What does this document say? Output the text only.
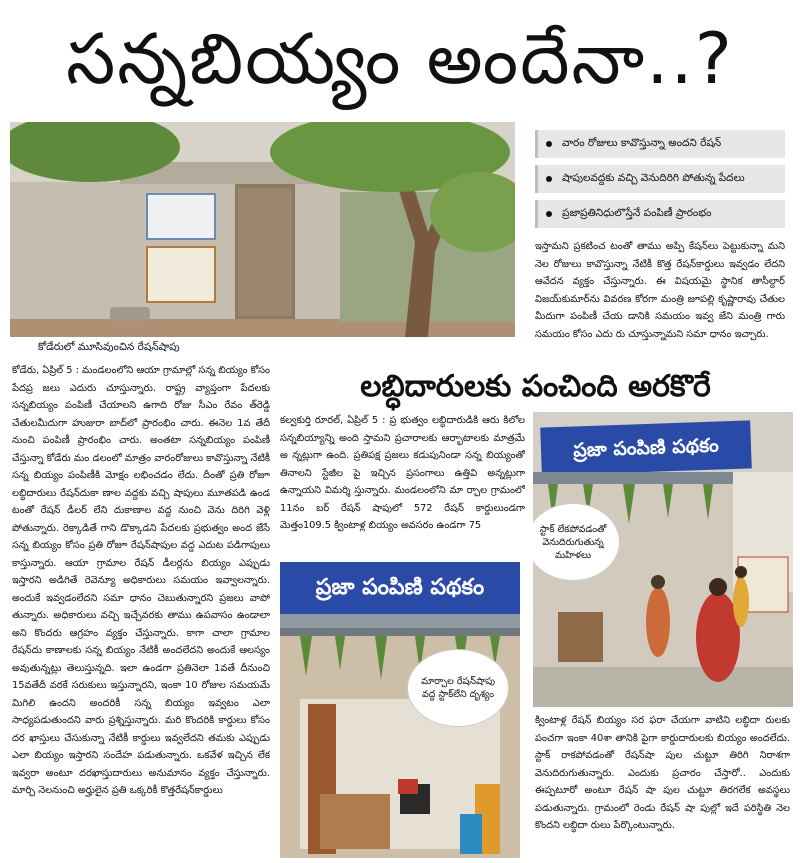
సన్నబియ్యం అందేనా..?
కోడేరులో మూసివుంచిన రేషన్‌షాపు
వారం రోజులు కావొస్తున్నా అందని రేషన్
షాపులవద్దకు వచ్చి వెనుదిరిగి పోతున్న పేదలు
ప్రజాప్రతినిధులొస్తేనే పంపిణీ ప్రారంభం
ఇస్తామని ప్రకటించ టంతో తాము అప్పి కేషన్‌లు పెట్టుకున్నా మని నెల రోజులు కావొస్తున్నా నేటికీ కొత్త రేషన్‌కార్డులు ఇవ్వడం లేదని ఆవేదన వ్యక్తం చేస్తున్నారు. ఈ విషయమై స్థానిక తాసీల్దార్ విజయ్‌కుమార్‌ను వివరణ కోరగా మంత్రి జూపల్లి కృష్ణారావు చేతుల మీదుగా పంపిణీ చేయ డానికి సమయం ఇవ్వ జేని మంత్రి గారు సమయం కోసం ఎదు రు చూస్తున్నామని సమా ధానం ఇచ్చారు.
కోడేరు, ఏప్రిల్ 5 : మండలంలోని ఆయా గ్రామాల్లో సన్న బియ్యం కోసం పేదప్ర జలు ఎదురు చూస్తున్నారు. రాష్ట్ర వ్యాప్తంగా పేదలకు సన్నబియ్యం పంపిణీ చేయాలని ఉగాది రోజు సీఎం రేవం త్‌రెడ్డి చేతులమీదుగా హుజురా బాద్‌లో ప్రారంభిం చారు. ఈనెల 1వ తేదీ నుంచి పంపిణీ ప్రారంభిం చారు. అంతటా సన్నబియ్యం పంపిణీ చేస్తున్నా కోడేరు మం డలంలో మాత్రం వారంరోజులు కావొస్తున్నా నేటికీ సన్న బియ్యం పంపిణీకి మోక్షం లభించడం లేదు. దీంతో ప్రతి రోజూ లబ్ధిదారులు రేషన్‌దుకా ణాల వద్దకు వచ్చి షాపులు మూతపడి ఉండ టంతో రేషన్ డీలర్ లేని దుకాణాల వద్ద నుంచి వెను దిరిగి వెళ్లి పోతున్నారు. రెక్కాడితే గాని డొక్కాడని పేదలకు ప్రభుత్వం అంద జేసే సన్న బియ్యం కోసం ప్రతి రోజూ రేషన్‌షాపుల వద్ద ఎదుట పడిగాపులు కాస్తున్నారు. ఆయా గ్రామాల రేషన్ డీలర్లను బియ్యం ఎప్పుడు ఇస్తారని అడిగితే రెవెన్యూ అధికారులు సమయం ఇవ్వాలన్నారు. అందుకే ఇవ్వడంలేదని సమా ధానం చెబుతున్నారని ప్రజలు వాపో తున్నారు. అధికారులు వచ్చి ఇచ్చేవరకు తాము ఉపవాసం ఉండాలా అని కొందరు ఆగ్రహం వ్యక్తం చేస్తున్నారు. కాగా చాలా గ్రామాల రేషన్‌దు కాణాలకు సన్న బియ్యం నేటికీ అందలేదని అందుకే ఆలస్యం అవుతున్నట్లు తెలుస్తున్నది. ఇలా ఉండగా ప్రతినెలా 1వతే దీనుంచి 15వతేదీ వరకే సరుకులు ఇస్తున్నారని, ఇంకా 10 రోజుల సమయమే మిగిలి ఉందని అందరికీ సన్న బియ్యం ఇవ్వటం ఎలా సాధ్యపడుతుందని వారు ప్రశ్నిస్తున్నారు. మరి కొందరికి కార్డులు కోసం దర ఖాస్తులు చేసుకున్నా నేటికీ కార్డులు ఇవ్వలేదని తమకు ఎప్పుడు ఎలా బియ్యం ఇస్తారని సందేహ పడుతున్నారు. ఒకవేళ ఇచ్చిన లేక ఇవ్వరా అంటూ దరఖాస్తుదారులు అనుమానం వ్యక్తం చేస్తున్నారు. మార్చి నెలనుంచి అర్హులైన ప్రతి ఒక్కరికీ కొత్తరేషన్‌కార్డులు
లబ్ధిదారులకు పంచింది అరకొరే
కల్వకుర్తి రూరల్, ఏప్రిల్ 5 : ప్ర భుత్వం లబ్ధిదారుడికి ఆరు కిలోల సన్నబియ్యాన్ని అంది స్తామని ప్రచారాలకు ఆర్భాటాలకు మాత్రమే అ న్నట్లుగా ఉంది. ప్రతిపక్ష ప్రజలు కడుపునిండా సన్న బియ్యంతో తినాలని స్టేజీల పై ఇచ్చిన ప్రసంగాలు ఉత్తివి అన్నట్లుగా ఉన్నాయని విమర్శి స్తున్నారు. మండలంలోని మా ర్చాల గ్రామంలో 11నం బర్ రేషన్ షాపులో 572 రేషన్ కార్డులుండగా మెత్తం109.5 క్వింటాళ్ల బియ్యం అవసరం ఉండగా 75
ప్రజా పంపిణి పథకం
మార్చాల రేషన్‌షాపు వద్ద స్టాక్‌లేని దృశ్యం
ప్రజా పంపిణి పథకం
స్టాక్ లేకపోవడంతో వెనుదిరుగుతున్న మహిళలు
క్వింటాళ్ల రేషన్ బియ్యం సర ఫరా చేయగా వాటిని లబ్ధిదా రులకు పంచగా ఇంకా 40శా తానికి పైగా కార్డుదారులకు బియ్యం అందలేదు. స్టాక్ రాకపోవడంతో రేషన్‌షా పుల చుట్టూ తిరిగి నిరాశగా వెనుదిరుగుతున్నారు. ఎందుకు ప్రచారం చేస్తారో.. ఎందుకు ఈప్పటూరో అంటూ రేషన్ షా పుల చుట్టూ తిరగలేక అవస్థలు పడుతున్నారు. గ్రామంలో రెండు రేషన్ షా పుల్లో ఇదే పరిస్థితి నెల కొందని లబ్ధిదా రులు పేర్కొంటున్నారు.
